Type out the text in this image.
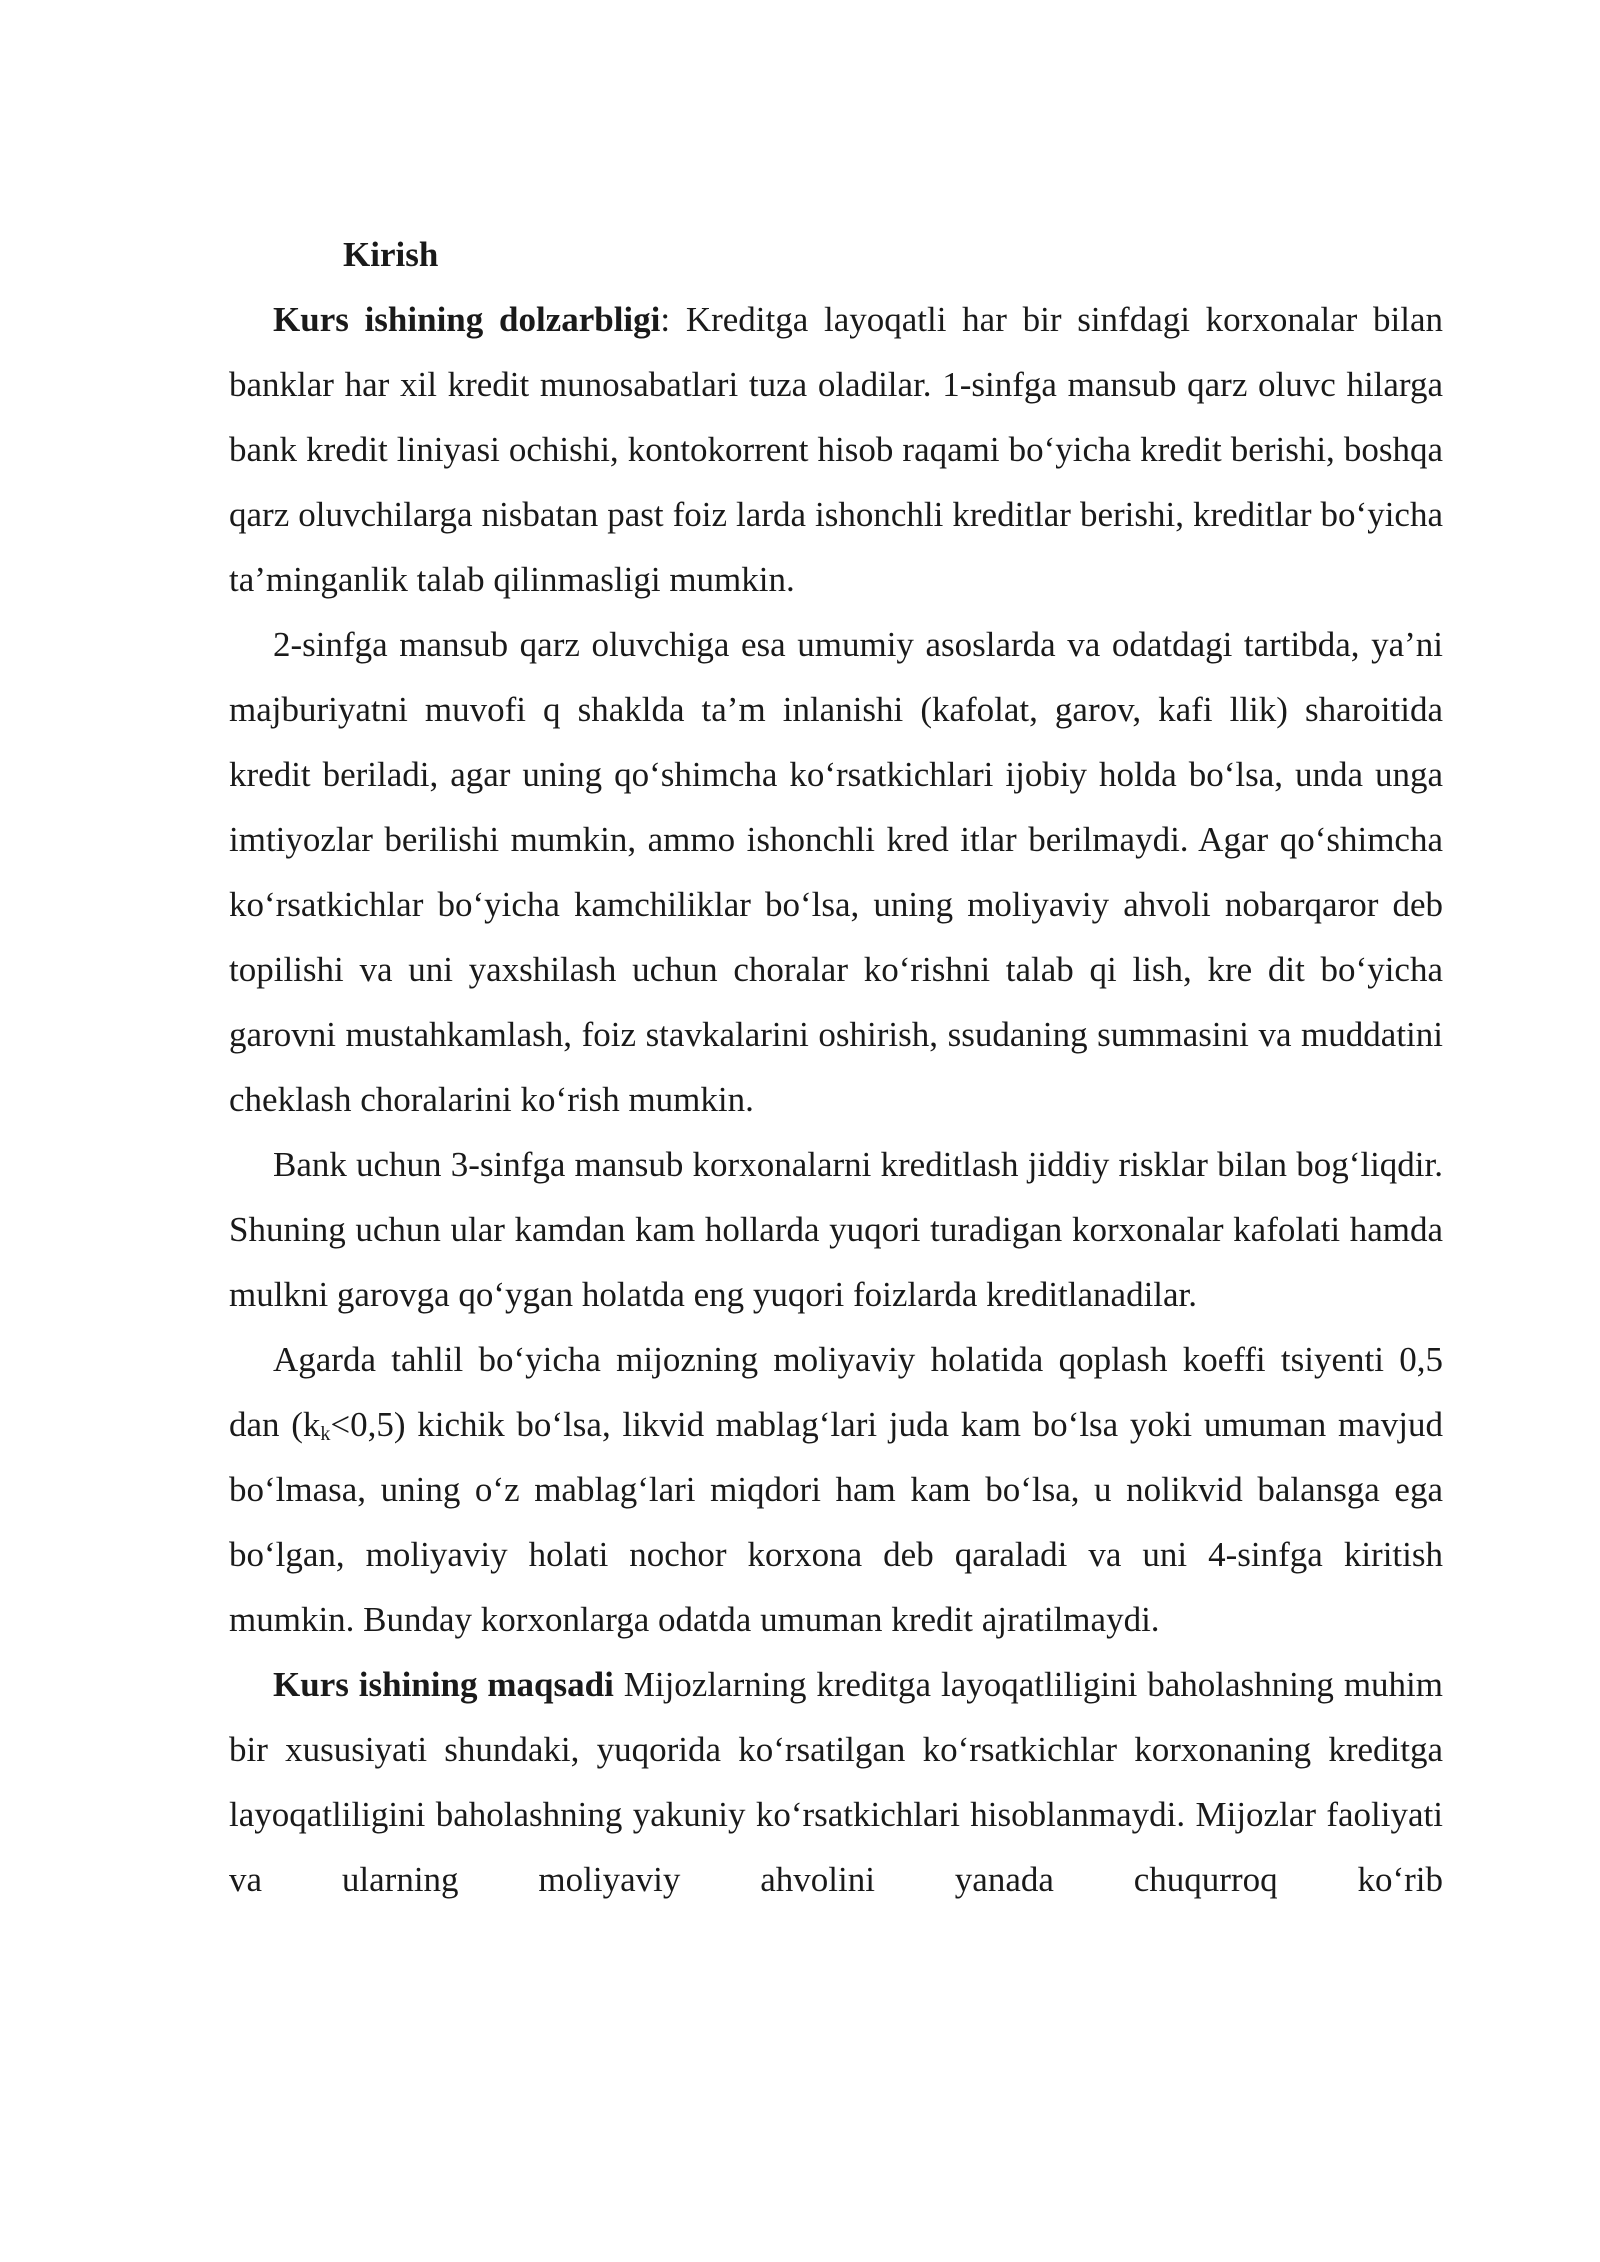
Kirish

Kurs ishining dolzarbligi: Kreditga layoqatli har bir sinfdagi korxonalar bilan banklar har xil kredit munosabatlari tuza oladilar. 1-sinfga mansub qarz oluvc hilarga bank kredit liniyasi ochishi, kontokorrent hisob raqami bo‘yicha kredit berishi, boshqa qarz oluvchilarga nisbatan past foiz larda ishonchli kreditlar berishi, kreditlar bo‘yicha ta’minganlik talab qilinmasligi mumkin.

2-sinfga mansub qarz oluvchiga esa umumiy asoslarda va odatdagi tartibda, ya’ni majburiyatni muvofi q shaklda ta’m inlanishi (kafolat, garov, kafi llik) sharoitida kredit beriladi, agar uning qo‘shimcha ko‘rsatkichlari ijobiy holda bo‘lsa, unda unga imtiyozlar berilishi mumkin, ammo ishonchli kred itlar berilmaydi. Agar qo‘shimcha ko‘rsatkichlar bo‘yicha kamchiliklar bo‘lsa, uning moliyaviy ahvoli nobarqaror deb topilishi va uni yaxshilash uchun choralar ko‘rishni talab qi lish, kre dit bo‘yicha garovni mustahkamlash, foiz stavkalarini oshirish, ssudaning summasini va muddatini cheklash choralarini ko‘rish mumkin.

Bank uchun 3-sinfga mansub korxonalarni kreditlash jiddiy risklar bilan bog‘liqdir. Shuning uchun ular kamdan kam hollarda yuqori turadigan korxonalar kafolati hamda mulkni garovga qo‘ygan holatda eng yuqori foizlarda kreditlanadilar.

Agarda tahlil bo‘yicha mijozning moliyaviy holatida qoplash koeffi tsiyenti 0,5 dan $(k_k<0,5)$ kichik bo‘lsa, likvid mablag‘lari juda kam bo‘lsa yoki umuman mavjud bo‘lmasa, uning o‘z mablag‘lari miqdori ham kam bo‘lsa, u nolikvid balansga ega bo‘lgan, moliyaviy holati nochor korxona deb qaraladi va uni 4-sinfga kiritish mumkin. Bunday korxonlarga odatda umuman kredit ajratilmaydi.

Kurs ishining maqsadi Mijozlarning kreditga layoqatliligini baholashning muhim bir xususiyati shundaki, yuqorida ko‘rsatilgan ko‘rsatkichlar korxonaning kreditga layoqatliligini baholashning yakuniy ko‘rsatkichlari hisoblanmaydi. Mijozlar faoliyati va ularning moliyaviy ahvolini yanada chuqurroq ko‘rib
